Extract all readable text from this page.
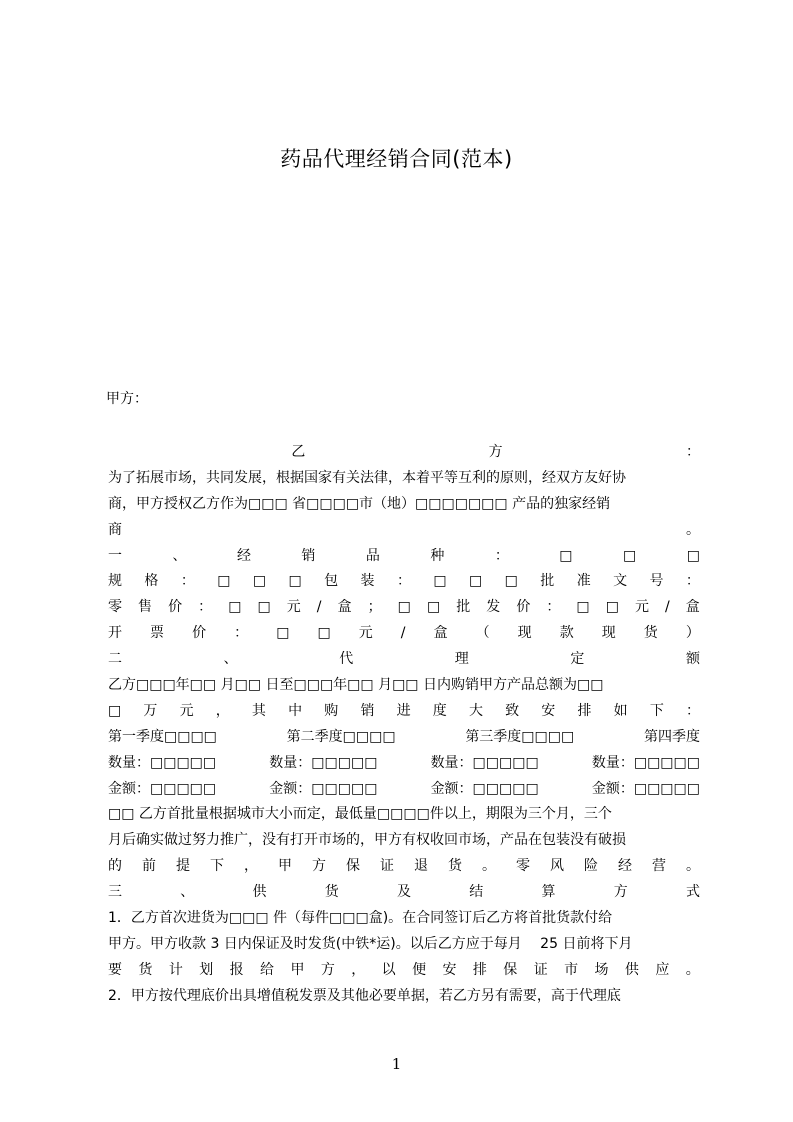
药品代理经销合同(范本)
甲方：
乙	方	：
为了拓展市场，共同发展，根据国家有关法律，本着平等互利的原则，经双方友好协
商，甲方授权乙方作为□□□ 省□□□□市（地）□□□□□□□ 产品的独家经销
商	。
一	、	经	销	品	种	：	□	□	□
规 格 ： □ □ □ 包 装 ： □ □ □ 批 准 文 号 ：
零 售 价 ： □ □ 元 / 盒 ； □ □ 批 发 价 ： □ □ 元 / 盒
开 票 价 ： □ □ 元 / 盒 （ 现 款 现 货 ）
二	、	代	理	定	额
乙方□□□年□□ 月□□ 日至□□□年□□ 月□□ 日内购销甲方产品总额为□□
□ 万 元 ， 其 中 购 销 进 度 大 致 安 排 如 下 ：
第一季度□□□□	第二季度□□□□	第三季度□□□□	第四季度
数量：□□□□□	数量：□□□□□	数量：□□□□□	数量：□□□□□
金额：□□□□□	金额：□□□□□	金额：□□□□□	金额：□□□□□
□□ 乙方首批量根据城市大小而定，最低量□□□□件以上，期限为三个月，三个
月后确实做过努力推广，没有打开市场的，甲方有权收回市场，产品在包装没有破损
的 前 提 下 ， 甲 方 保 证 退 货 。 零 风 险 经 营 。
三	、	供	货	及	结	算	方	式
1．乙方首次进货为□□□ 件（每件□□□盒)。在合同签订后乙方将首批货款付给
甲方。甲方收款 3 日内保证及时发货(中铁*运)。以后乙方应于每月　 25 日前将下月
要 货 计 划 报 给 甲 方 ， 以 便 安 排 保 证 市 场 供 应 。
2．甲方按代理底价出具增值税发票及其他必要单据，若乙方另有需要，高于代理底
1
